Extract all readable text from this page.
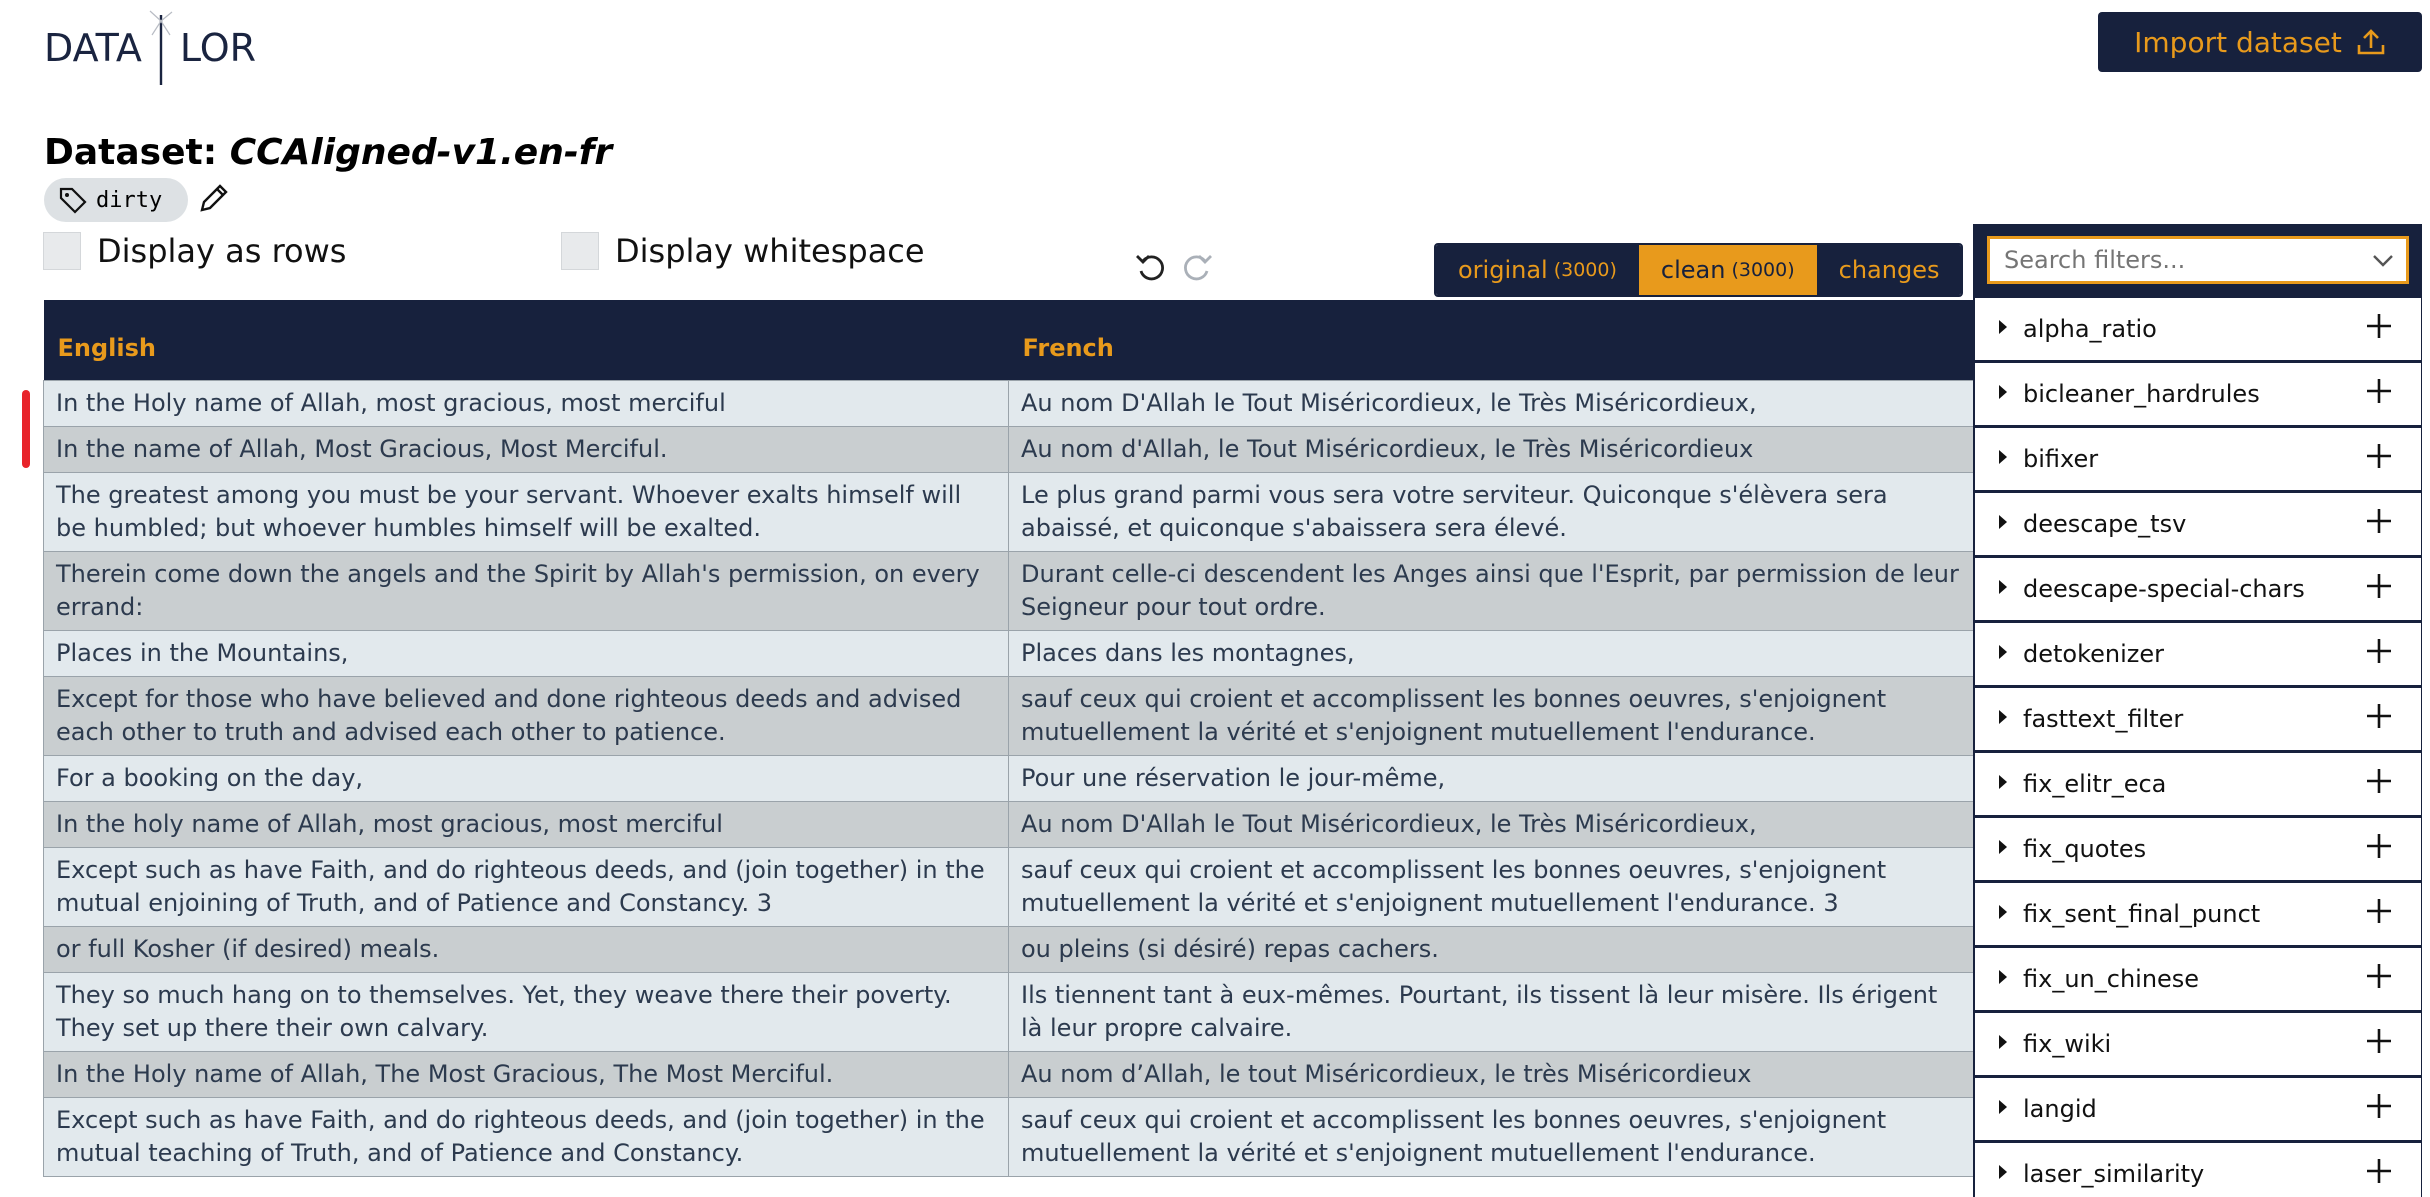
DATA LOR	Import dataset
Dataset: CCAligned-v1.en-fr
dirty
Display as rows	Display whitespace	original (3000) clean (3000) changes
English	French
In the Holy name of Allah, most gracious, most merciful	Au nom D'Allah le Tout Miséricordieux, le Très Miséricordieux,
In the name of Allah, Most Gracious, Most Merciful.	Au nom d'Allah, le Tout Miséricordieux, le Très Miséricordieux
The greatest among you must be your servant. Whoever exalts himself will be humbled; but whoever humbles himself will be exalted.	Le plus grand parmi vous sera votre serviteur. Quiconque s'élèvera sera abaissé, et quiconque s'abaissera sera élevé.
Therein come down the angels and the Spirit by Allah's permission, on every errand:	Durant celle-ci descendent les Anges ainsi que l'Esprit, par permission de leur Seigneur pour tout ordre.
Places in the Mountains,	Places dans les montagnes,
Except for those who have believed and done righteous deeds and advised each other to truth and advised each other to patience.	sauf ceux qui croient et accomplissent les bonnes oeuvres, s'enjoignent mutuellement la vérité et s'enjoignent mutuellement l'endurance.
For a booking on the day,	Pour une réservation le jour-même,
In the holy name of Allah, most gracious, most merciful	Au nom D'Allah le Tout Miséricordieux, le Très Miséricordieux,
Except such as have Faith, and do righteous deeds, and (join together) in the mutual enjoining of Truth, and of Patience and Constancy. 3	sauf ceux qui croient et accomplissent les bonnes oeuvres, s'enjoignent mutuellement la vérité et s'enjoignent mutuellement l'endurance. 3
or full Kosher (if desired) meals.	ou pleins (si désiré) repas cachers.
They so much hang on to themselves. Yet, they weave there their poverty. They set up there their own calvary.	Ils tiennent tant à eux-mêmes. Pourtant, ils tissent là leur misère. Ils érigent là leur propre calvaire.
In the Holy name of Allah, The Most Gracious, The Most Merciful.	Au nom d’Allah, le tout Miséricordieux, le très Miséricordieux
Except such as have Faith, and do righteous deeds, and (join together) in the mutual teaching of Truth, and of Patience and Constancy.	sauf ceux qui croient et accomplissent les bonnes oeuvres, s'enjoignent mutuellement la vérité et s'enjoignent mutuellement l'endurance.
Search filters...
alpha_ratio
bicleaner_hardrules
bifixer
deescape_tsv
deescape-special-chars
detokenizer
fasttext_filter
fix_elitr_eca
fix_quotes
fix_sent_final_punct
fix_un_chinese
fix_wiki
langid
laser_similarity
